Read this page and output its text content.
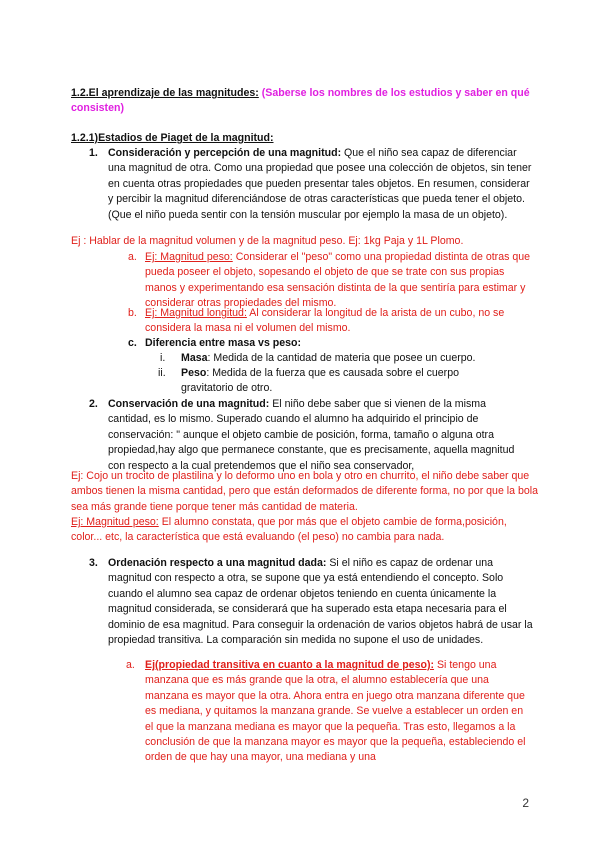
1.2.El aprendizaje de las magnitudes: (Saberse los nombres de los estudios y saber en qué consisten)
1.2.1)Estadios de Piaget de la magnitud:
1. Consideración y percepción de una magnitud: Que el niño sea capaz de diferenciar una magnitud de otra. Como una propiedad que posee una colección de objetos, sin tener en cuenta otras propiedades que pueden presentar tales objetos. En resumen, considerar y percibir la magnitud diferenciándose de otras características que pueda tener el objeto. (Que el niño pueda sentir con la tensión muscular por ejemplo la masa de un objeto).
Ej : Hablar de la magnitud volumen y de la magnitud peso. Ej: 1kg Paja y 1L Plomo.
a. Ej: Magnitud peso: Considerar el "peso" como una propiedad distinta de otras que pueda poseer el objeto, sopesando el objeto de que se trate con sus propias manos y experimentando esa sensación distinta de la que sentiría para estimar y considerar otras propiedades del mismo.
b. Ej: Magnitud longitud: Al considerar la longitud de la arista de un cubo, no se considera la masa ni el volumen del mismo.
c. Diferencia entre masa vs peso:
i. Masa: Medida de la cantidad de materia que posee un cuerpo.
ii. Peso: Medida de la fuerza que es causada sobre el cuerpo gravitatorio de otro.
2. Conservación de una magnitud: El niño debe saber que si vienen de la misma cantidad, es lo mismo. Superado cuando el alumno ha adquirido el principio de conservación: " aunque el objeto cambie de posición, forma, tamaño o alguna otra propiedad,hay algo que permanece constante, que es precisamente, aquella magnitud con respecto a la cual pretendemos que el niño sea conservador,
Ej: Cojo un trocito de plastilina y lo deformo uno en bola y otro en churrito, el niño debe saber que ambos tienen la misma cantidad, pero que están deformados de diferente forma, no por que la bola sea más grande tiene porque tener más cantidad de materia.
Ej: Magnitud peso: El alumno constata, que por más que el objeto cambie de forma,posición, color... etc, la característica que está evaluando (el peso) no cambia para nada.
3. Ordenación respecto a una magnitud dada: Si el niño es capaz de ordenar una magnitud con respecto a otra, se supone que ya está entendiendo el concepto. Solo cuando el alumno sea capaz de ordenar objetos teniendo en cuenta únicamente la magnitud considerada, se considerará que ha superado esta etapa necesaria para el dominio de esa magnitud. Para conseguir la ordenación de varios objetos habrá de usar la propiedad transitiva. La comparación sin medida no supone el uso de unidades.
a. Ej(propiedad transitiva en cuanto a la magnitud de peso): Si tengo una manzana que es más grande que la otra, el alumno establecería que una manzana es mayor que la otra. Ahora entra en juego otra manzana diferente que es mediana, y quitamos la manzana grande. Se vuelve a establecer un orden en el que la manzana mediana es mayor que la pequeña. Tras esto, llegamos a la conclusión de que la manzana mayor es mayor que la pequeña, estableciendo el orden de que hay una mayor, una mediana y una
2
